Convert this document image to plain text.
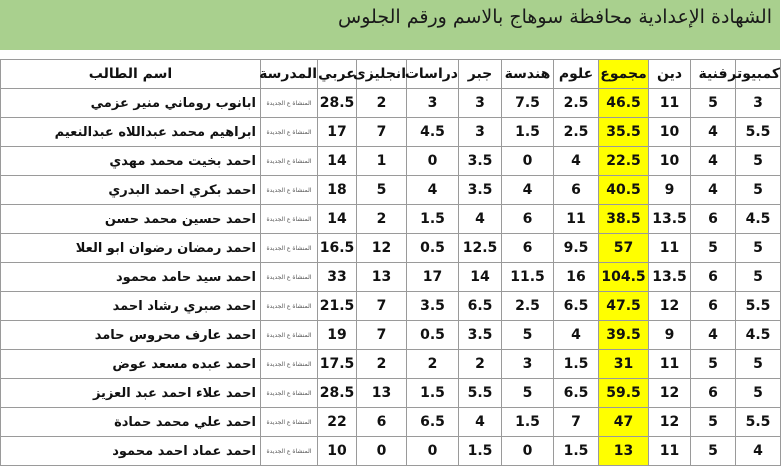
الشهادة الإعدادية محافظة سوهاج بالاسم ورقم الجلوس
كمبيوتر	فنية	دين	مجموع	علوم	هندسة	جبر	دراسات	انجليزى	عربي	المدرسة	اسم الطالب
3	5	11	46.5	2.5	7.5	3	3	2	28.5	المنشاة ع الجديدة	ابانوب روماني منير عزمي
5.5	4	10	35.5	2.5	1.5	3	4.5	7	17	المنشاة ع الجديدة	ابراهيم محمد عبداللاه عبدالنعيم
5	4	10	22.5	4	0	3.5	0	1	14	المنشاة ع الجديدة	احمد بخيت محمد مهدي
5	4	9	40.5	6	4	3.5	4	5	18	المنشاة ع الجديدة	احمد بكري احمد البدري
4.5	6	13.5	38.5	11	6	4	1.5	2	14	المنشاة ع الجديدة	احمد حسين محمد حسن
5	5	11	57	9.5	6	12.5	0.5	12	16.5	المنشاة ع الجديدة	احمد رمضان رضوان ابو العلا
5	6	13.5	104.5	16	11.5	14	17	13	33	المنشاة ع الجديدة	احمد سيد حامد محمود
5.5	6	12	47.5	6.5	2.5	6.5	3.5	7	21.5	المنشاة ع الجديدة	احمد صبري رشاد احمد
4.5	4	9	39.5	4	5	3.5	0.5	7	19	المنشاة ع الجديدة	احمد عارف محروس حامد
5	5	11	31	1.5	3	2	2	2	17.5	المنشاة ع الجديدة	احمد عبده مسعد عوض
5	6	12	59.5	6.5	5	5.5	1.5	13	28.5	المنشاة ع الجديدة	احمد علاء احمد عبد العزيز
5.5	5	12	47	7	1.5	4	6.5	6	22	المنشاة ع الجديدة	احمد علي محمد حمادة
4	5	11	13	1.5	0	1.5	0	0	10	المنشاة ع الجديدة	احمد عماد احمد محمود
